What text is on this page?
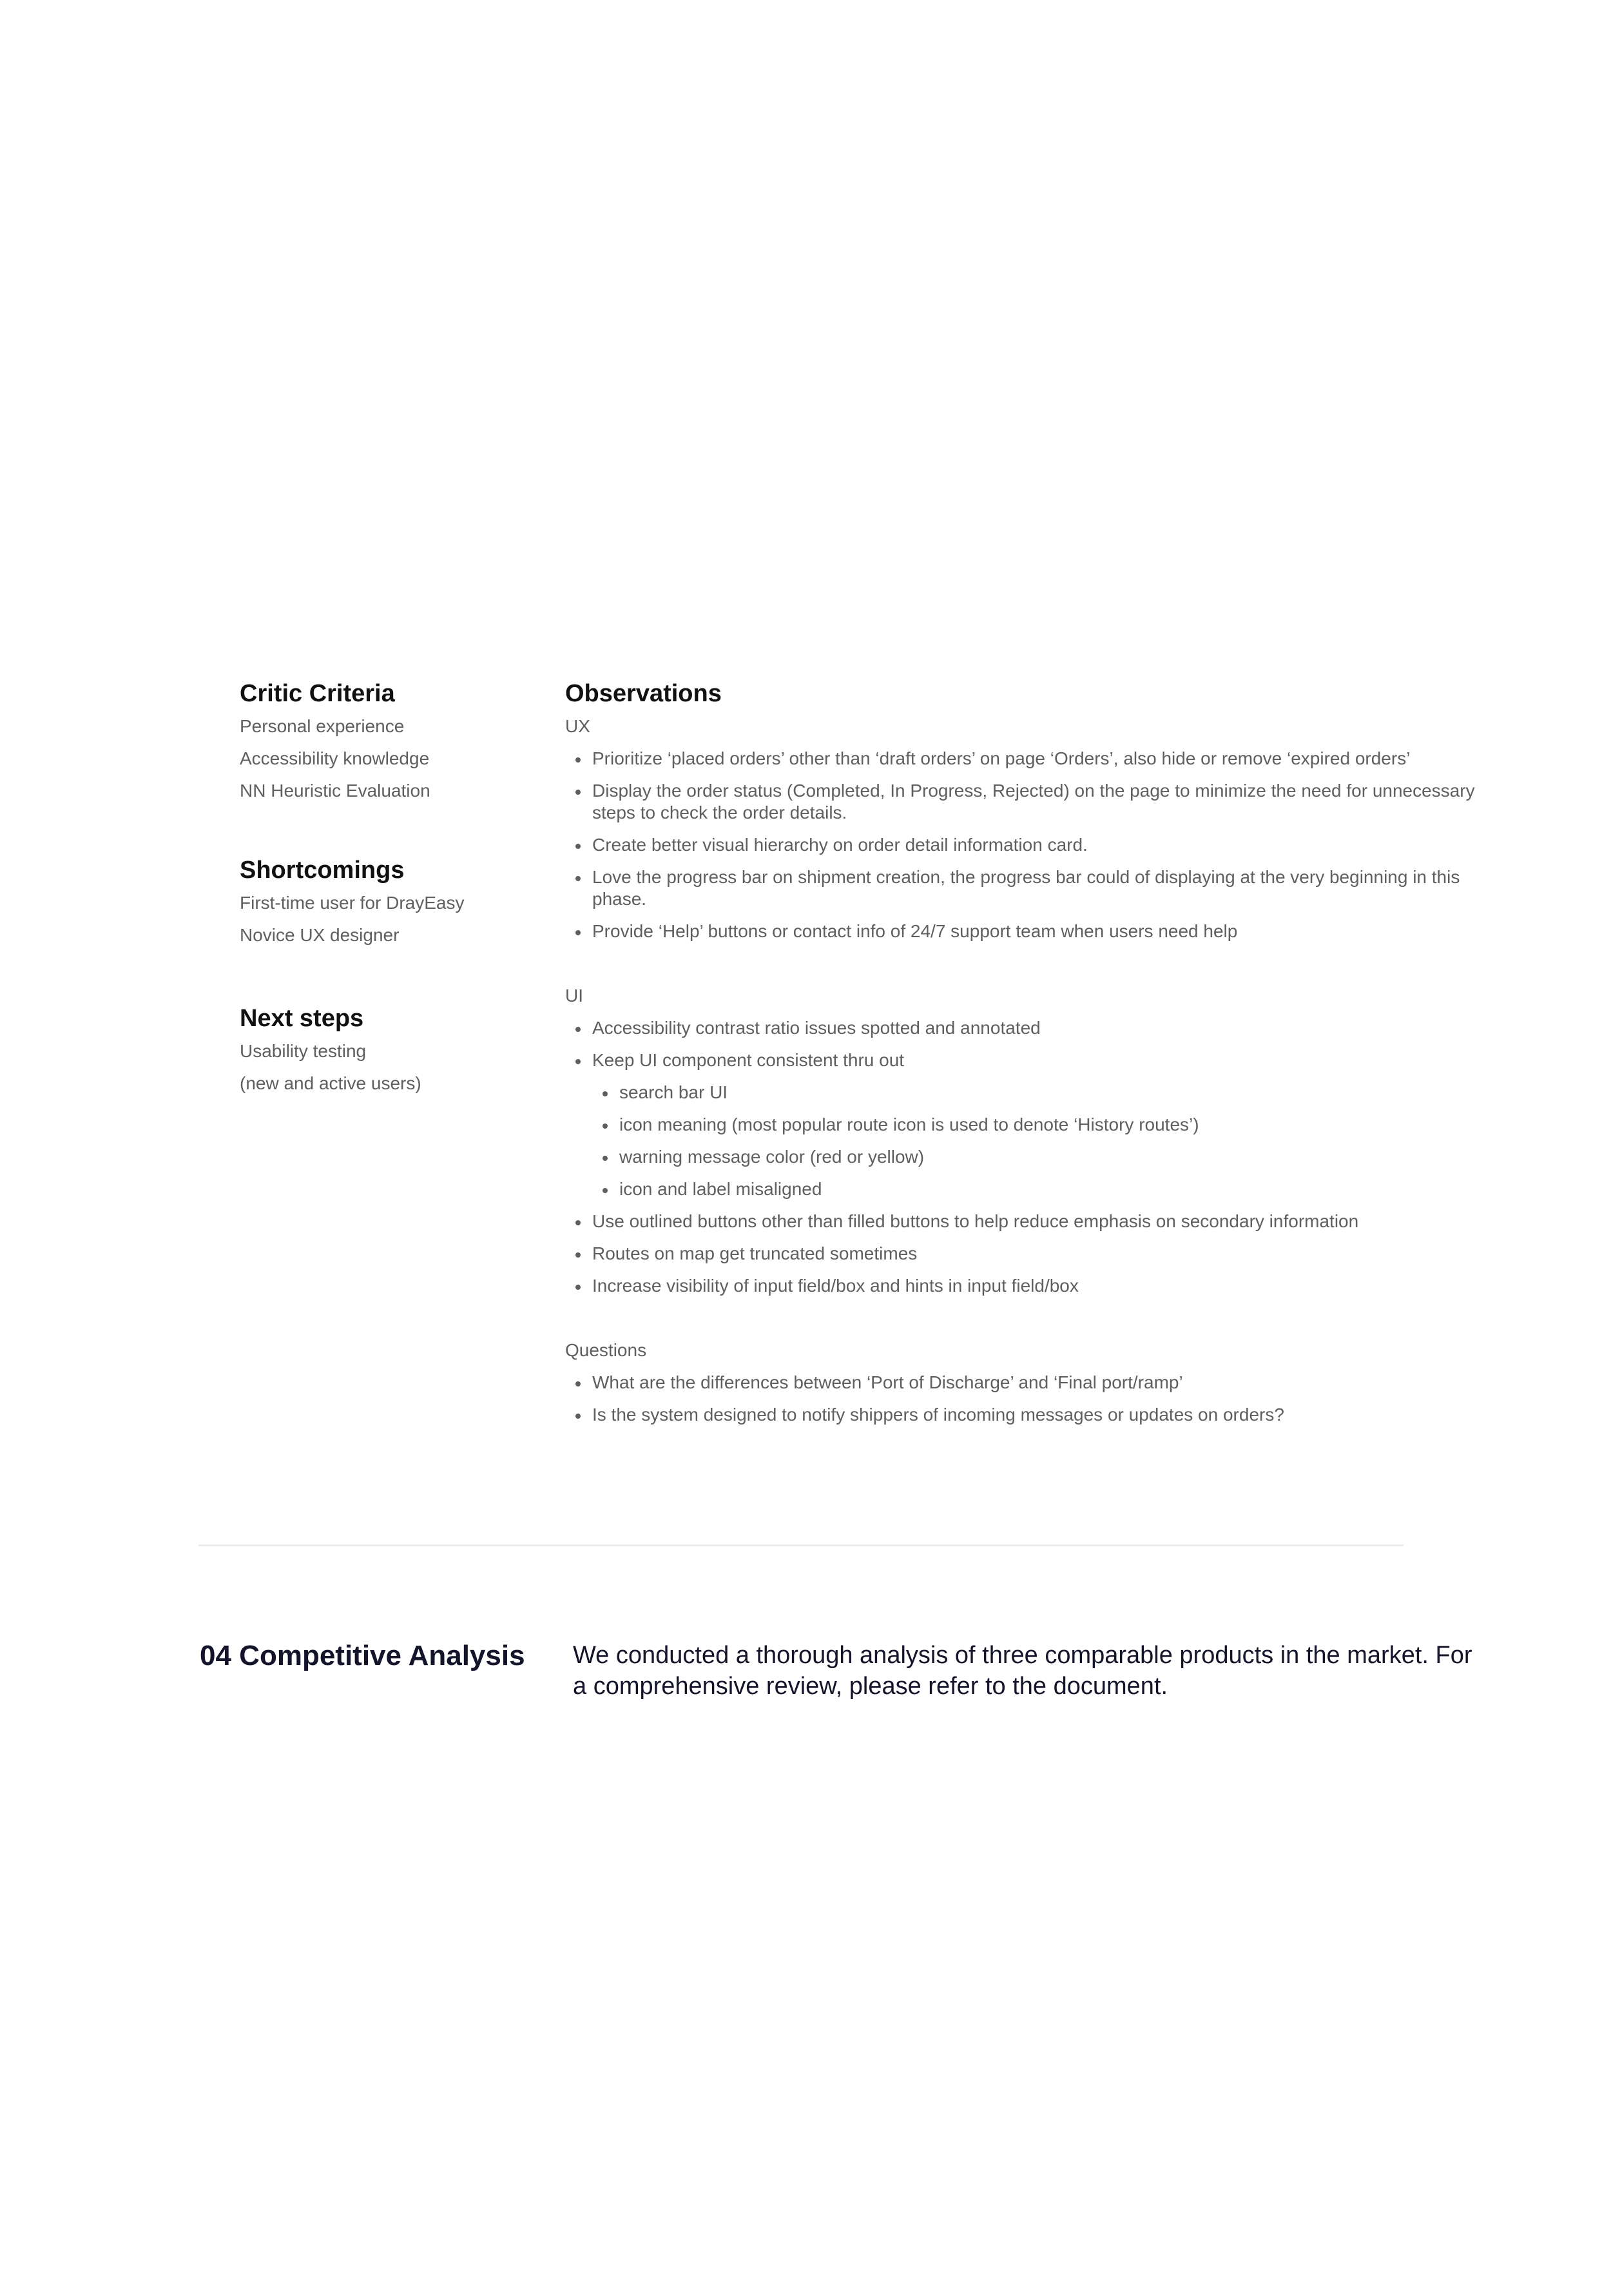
Critic Criteria
Personal experience
Accessibility knowledge
NN Heuristic Evaluation
Shortcomings
First-time user for DrayEasy
Novice UX designer
Next steps
Usability testing
(new and active users)
Observations
UX
Prioritize ‘placed orders’ other than ‘draft orders’ on page ‘Orders’, also hide or remove ‘expired orders’
Display the order status (Completed, In Progress, Rejected) on the page to minimize the need for unnecessary steps to check the order details.
Create better visual hierarchy on order detail information card.
Love the progress bar on shipment creation, the progress bar could of displaying at the very beginning in this phase.
Provide ‘Help’ buttons or contact info of 24/7 support team when users need help
UI
Accessibility contrast ratio issues spotted and annotated
Keep UI component consistent thru out
search bar UI
icon meaning (most popular route icon is used to denote ‘History routes’)
warning message color (red or yellow)
icon and label misaligned
Use outlined buttons other than filled buttons to help reduce emphasis on secondary information
Routes on map get truncated sometimes
Increase visibility of input field/box and hints in input field/box
Questions
What are the differences between ‘Port of Discharge’ and ‘Final port/ramp’
Is the system designed to notify shippers of incoming messages or updates on orders?
04 Competitive Analysis We conducted a thorough analysis of three comparable products in the market. For a comprehensive review, please refer to the document.
